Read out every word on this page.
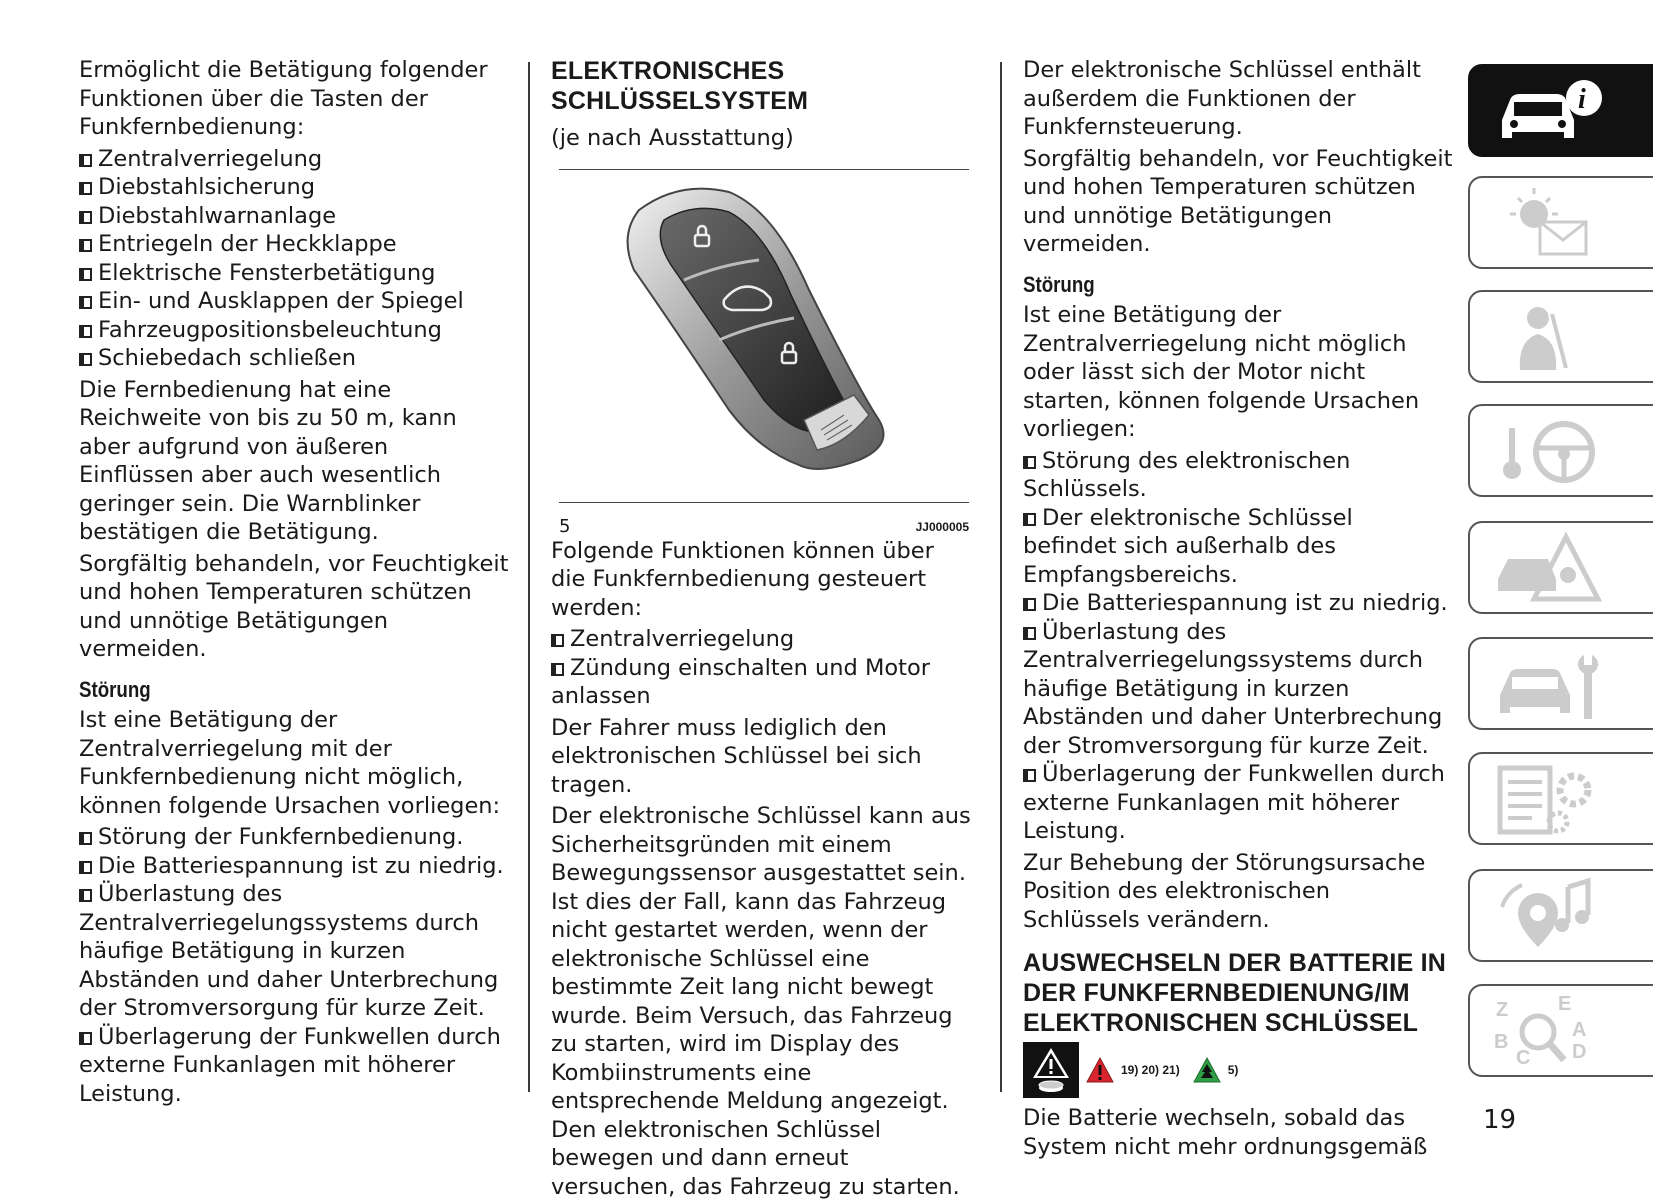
Ermöglicht die Betätigung folgender Funktionen über die Tasten der Funkfernbedienung:

Zentralverriegelung
Diebstahlsicherung
Diebstahlwarnanlage
Entriegeln der Heckklappe
Elektrische Fensterbetätigung
Ein- und Ausklappen der Spiegel
Fahrzeugpositionsbeleuchtung
Schiebedach schließen

Die Fernbedienung hat eine Reichweite von bis zu 50 m, kann aber aufgrund von äußeren Einflüssen aber auch wesentlich geringer sein. Die Warnblinker bestätigen die Betätigung.

Sorgfältig behandeln, vor Feuchtigkeit und hohen Temperaturen schützen und unnötige Betätigungen vermeiden.

Störung

Ist eine Betätigung der Zentralverriegelung mit der Funkfernbedienung nicht möglich, können folgende Ursachen vorliegen:

Störung der Funkfernbedienung.
Die Batteriespannung ist zu niedrig.
Überlastung des Zentralverriegelungssystems durch häufige Betätigung in kurzen Abständen und daher Unterbrechung der Stromversorgung für kurze Zeit.
Überlagerung der Funkwellen durch externe Funkanlagen mit höherer Leistung.
ELEKTRONISCHES SCHLÜSSELSYSTEM

(je nach Ausstattung)

5	JJ000005

Folgende Funktionen können über die Funkfernbedienung gesteuert werden:

Zentralverriegelung
Zündung einschalten und Motor anlassen

Der Fahrer muss lediglich den elektronischen Schlüssel bei sich tragen.

Der elektronische Schlüssel kann aus Sicherheitsgründen mit einem Bewegungssensor ausgestattet sein. Ist dies der Fall, kann das Fahrzeug nicht gestartet werden, wenn der elektronische Schlüssel eine bestimmte Zeit lang nicht bewegt wurde. Beim Versuch, das Fahrzeug zu starten, wird im Display des Kombiinstruments eine entsprechende Meldung angezeigt. Den elektronischen Schlüssel bewegen und dann erneut versuchen, das Fahrzeug zu starten.

Der elektronische Schlüssel enthält außerdem die Funktionen der Funkfernsteuerung.

Sorgfältig behandeln, vor Feuchtigkeit und hohen Temperaturen schützen und unnötige Betätigungen vermeiden.

Störung

Ist eine Betätigung der Zentralverriegelung nicht möglich oder lässt sich der Motor nicht starten, können folgende Ursachen vorliegen:

Störung des elektronischen Schlüssels.
Der elektronische Schlüssel befindet sich außerhalb des Empfangsbereichs.
Die Batteriespannung ist zu niedrig.
Überlastung des Zentralverriegelungssystems durch häufige Betätigung in kurzen Abständen und daher Unterbrechung der Stromversorgung für kurze Zeit.
Überlagerung der Funkwellen durch externe Funkanlagen mit höherer Leistung.

Zur Behebung der Störungsursache Position des elektronischen Schlüssels verändern.

AUSWECHSELN DER BATTERIE IN DER FUNKFERNBEDIENUNG/IM ELEKTRONISCHEN SCHLÜSSEL
19) 20) 21)	5)

Die Batterie wechseln, sobald das System nicht mehr ordnungsgemäß

i
Z E
A
B
C D
19
